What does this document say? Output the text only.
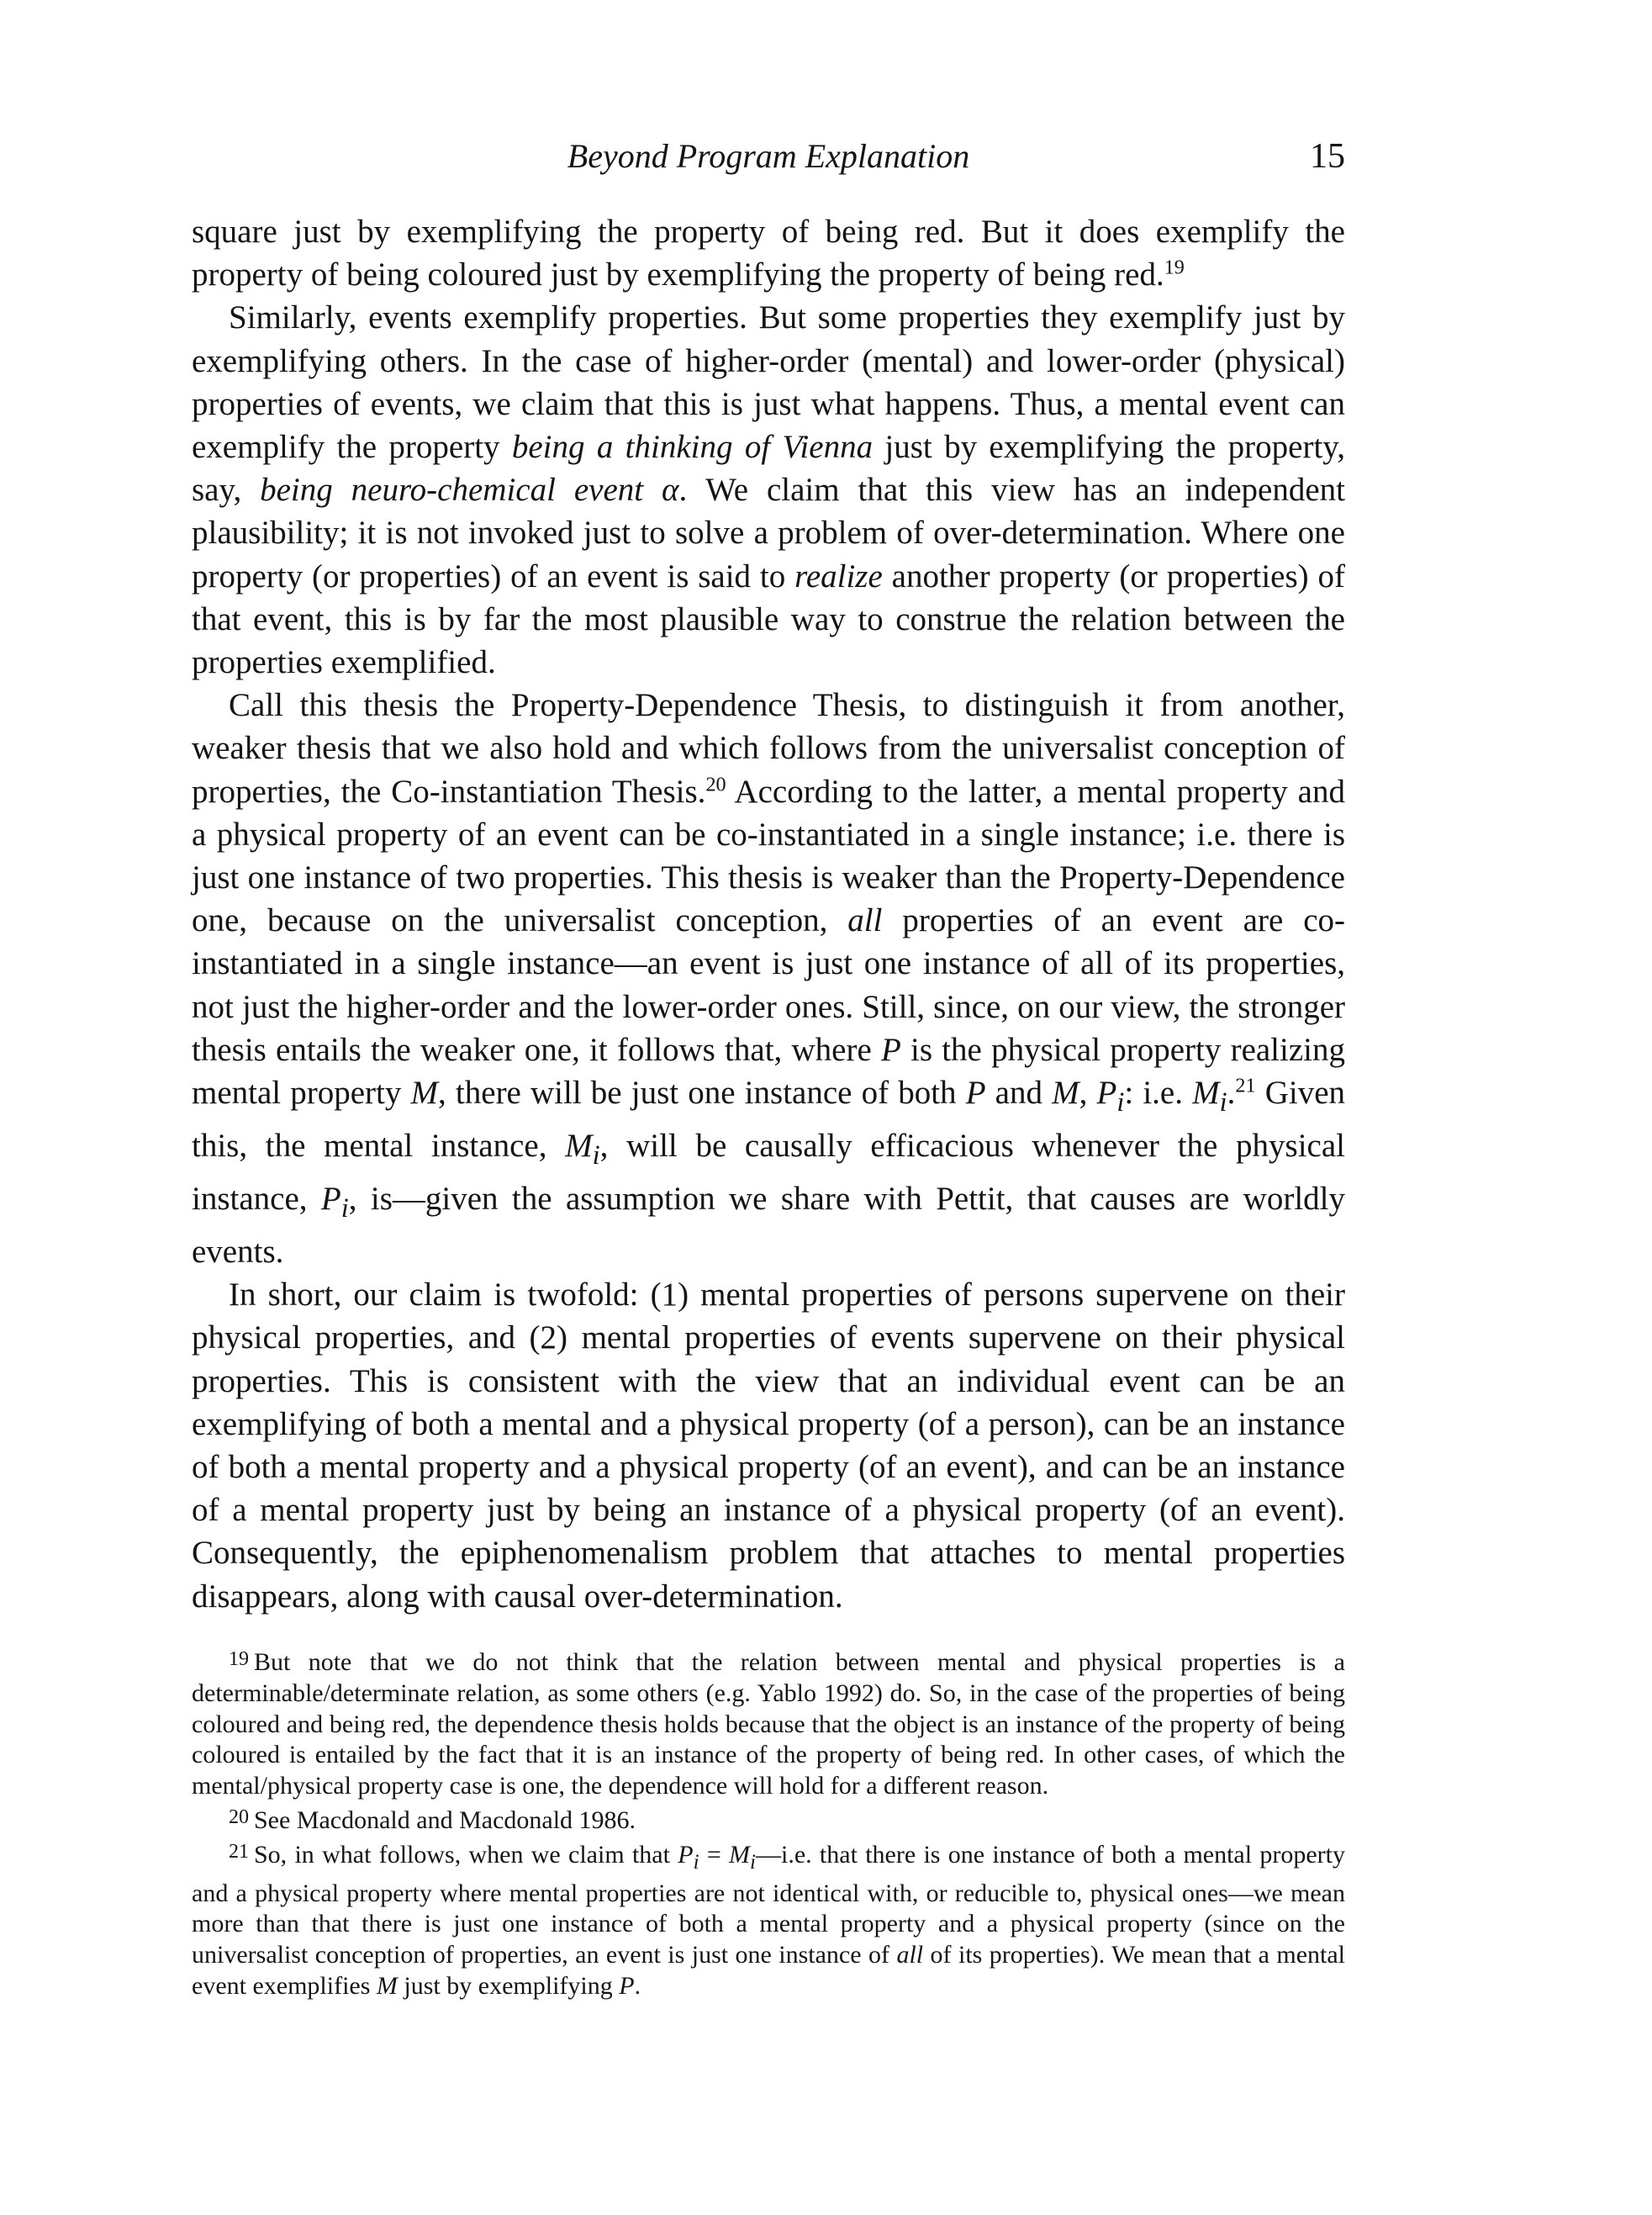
Beyond Program Explanation	15

square just by exemplifying the property of being red. But it does exemplify the property of being coloured just by exemplifying the property of being red.$^{19}$

Similarly, events exemplify properties. But some properties they exemplify just by exemplifying others. In the case of higher-order (mental) and lower-order (physical) properties of events, we claim that this is just what happens. Thus, a mental event can exemplify the property being a thinking of Vienna just by exemplifying the property, say, being neuro-chemical event α. We claim that this view has an independent plausibility; it is not invoked just to solve a problem of over-determination. Where one property (or properties) of an event is said to realize another property (or properties) of that event, this is by far the most plausible way to construe the relation between the properties exemplified.

Call this thesis the Property-Dependence Thesis, to distinguish it from another, weaker thesis that we also hold and which follows from the universalist conception of properties, the Co-instantiation Thesis.$^{20}$ According to the latter, a mental property and a physical property of an event can be co-instantiated in a single instance; i.e. there is just one instance of two properties. This thesis is weaker than the Property-Dependence one, because on the universalist conception, all properties of an event are co-instantiated in a single instance—an event is just one instance of all of its properties, not just the higher-order and the lower-order ones. Still, since, on our view, the stronger thesis entails the weaker one, it follows that, where P is the physical property realizing mental property M, there will be just one instance of both P and M, $P_i$: i.e. $M_i.^{21}$ Given this, the mental instance, $M_i$, will be causally efficacious whenever the physical instance, $P_i$, is—given the assumption we share with Pettit, that causes are worldly events.

In short, our claim is twofold: (1) mental properties of persons supervene on their physical properties, and (2) mental properties of events supervene on their physical properties. This is consistent with the view that an individual event can be an exemplifying of both a mental and a physical property (of a person), can be an instance of both a mental property and a physical property (of an event), and can be an instance of a mental property just by being an instance of a physical property (of an event). Consequently, the epiphenomenalism problem that attaches to mental properties disappears, along with causal over-determination.

$^{19}$ But note that we do not think that the relation between mental and physical properties is a determinable/determinate relation, as some others (e.g. Yablo 1992) do. So, in the case of the properties of being coloured and being red, the dependence thesis holds because that the object is an instance of the property of being coloured is entailed by the fact that it is an instance of the property of being red. In other cases, of which the mental/physical property case is one, the dependence will hold for a different reason.

$^{20}$ See Macdonald and Macdonald 1986.

$^{21}$ So, in what follows, when we claim that $P_i$ = $M_i—i.e$. that there is one instance of both a mental property and a physical property where mental properties are not identical with, or reducible to, physical ones—we mean more than that there is just one instance of both a mental property and a physical property (since on the universalist conception of properties, an event is just one instance of all of its properties). We mean that a mental event exemplifies M just by exemplifying P.
